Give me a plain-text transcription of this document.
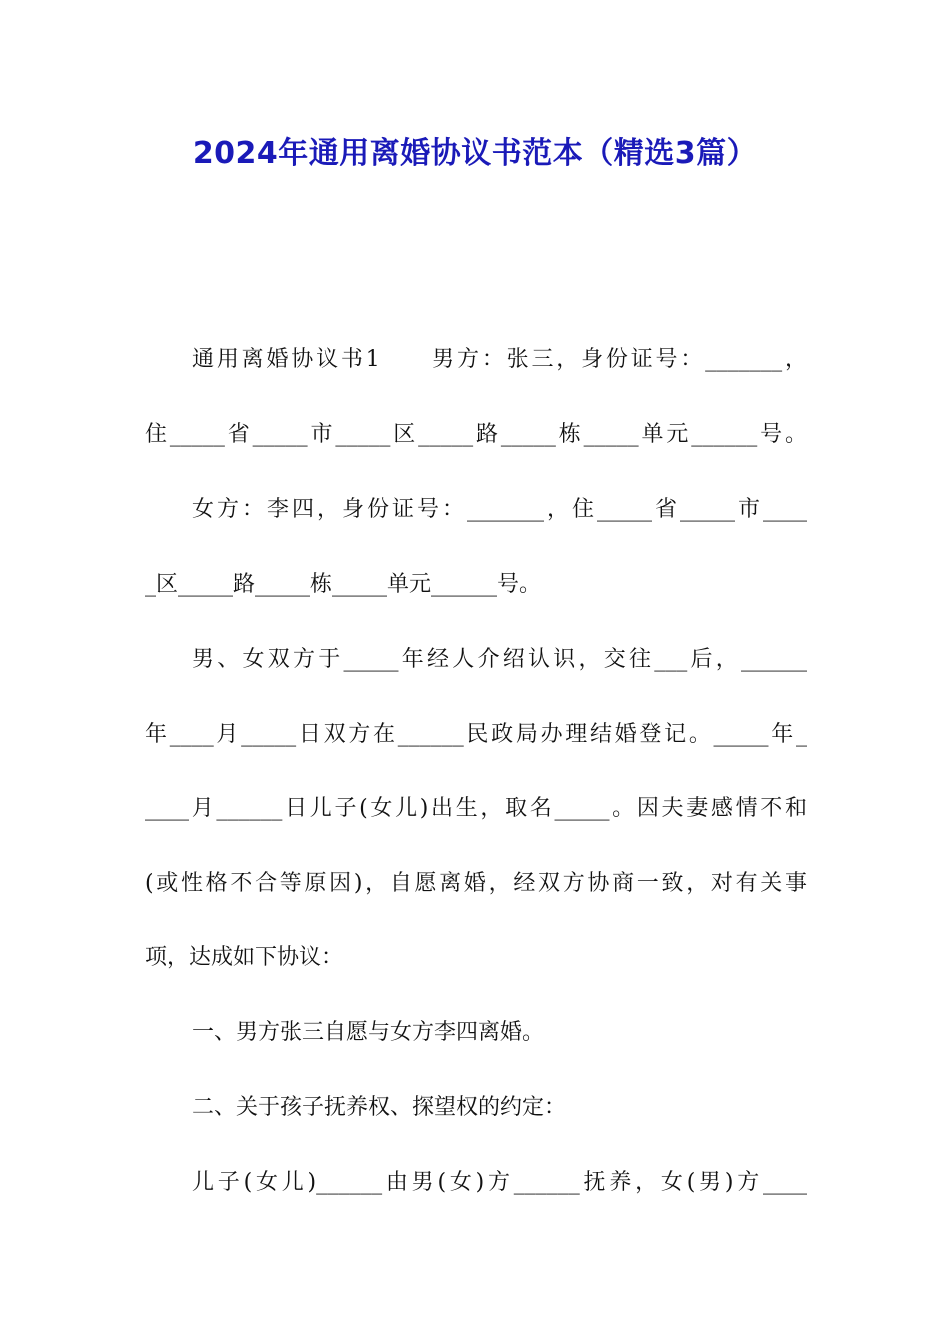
2024年通用离婚协议书范本（精选3篇）
通用离婚协议书1　　男方：张三，身份证号：_______，
住_____省_____市_____区_____路_____栋_____单元______号。
女方：李四，身份证号：_______，住_____省_____市____
_区_____路_____栋_____单元______号。
男、女双方于_____年经人介绍认识，交往___后，______
年____月_____日双方在______民政局办理结婚登记。_____年_
____月______日儿子(女儿)出生，取名_____。因夫妻感情不和
(或性格不合等原因)，自愿离婚，经双方协商一致，对有关事
项，达成如下协议：
一、男方张三自愿与女方李四离婚。
二、关于孩子抚养权、探望权的约定：
儿子(女儿)______由男(女)方______抚养，女(男)方____
